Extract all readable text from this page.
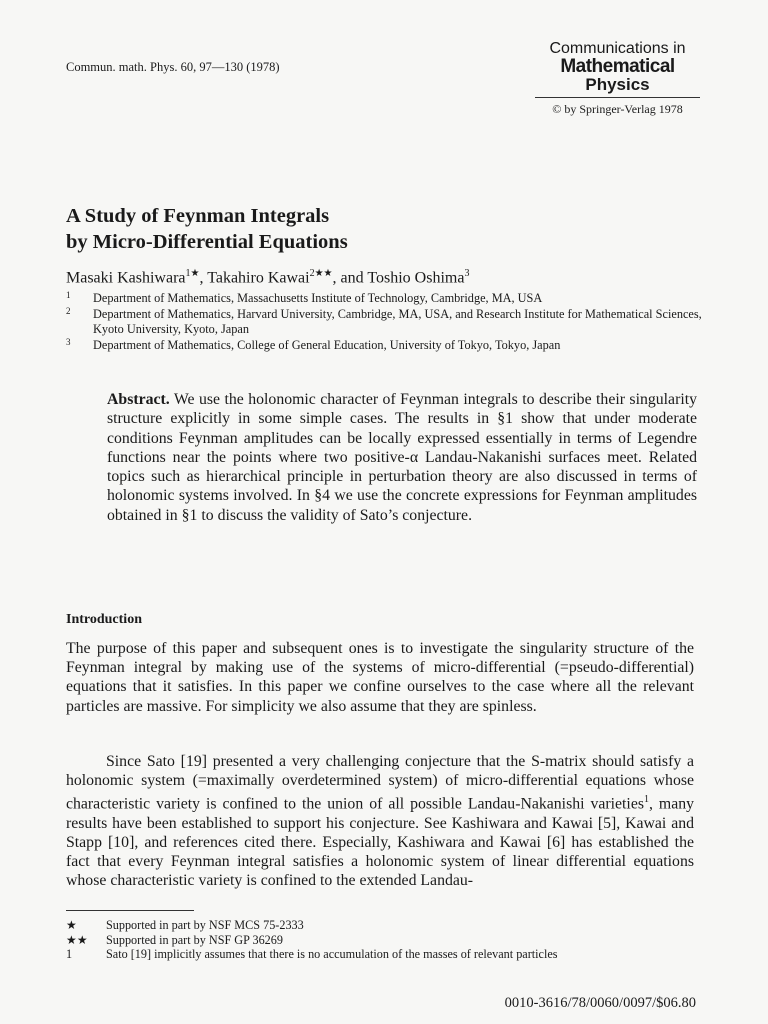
Commun. math. Phys. 60, 97—130 (1978)
Communications in
Mathematical
Physics
© by Springer-Verlag 1978
A Study of Feynman Integrals
by Micro-Differential Equations
Masaki Kashiwara$^{1★}$, Takahiro Kawai$^{2★★}$, and Toshio Oshima$^3$
1 Department of Mathematics, Massachusetts Institute of Technology, Cambridge, MA, USA
2 Department of Mathematics, Harvard University, Cambridge, MA, USA, and Research Institute for Mathematical Sciences, Kyoto University, Kyoto, Japan
3 Department of Mathematics, College of General Education, University of Tokyo, Tokyo, Japan
Abstract. We use the holonomic character of Feynman integrals to describe their singularity structure explicitly in some simple cases. The results in §1 show that under moderate conditions Feynman amplitudes can be locally expressed essentially in terms of Legendre functions near the points where two positive-α Landau-Nakanishi surfaces meet. Related topics such as hierarchical principle in perturbation theory are also discussed in terms of holonomic systems involved. In §4 we use the concrete expressions for Feynman amplitudes obtained in §1 to discuss the validity of Sato’s conjecture.
Introduction
The purpose of this paper and subsequent ones is to investigate the singularity structure of the Feynman integral by making use of the systems of micro-differential (=pseudo-differential) equations that it satisfies. In this paper we confine ourselves to the case where all the relevant particles are massive. For simplicity we also assume that they are spinless.
Since Sato [19] presented a very challenging conjecture that the S-matrix should satisfy a holonomic system (=maximally overdetermined system) of micro-differential equations whose characteristic variety is confined to the union of all possible Landau-Nakanishi varieties$^1$, many results have been established to support his conjecture. See Kashiwara and Kawai [5], Kawai and Stapp [10], and references cited there. Especially, Kashiwara and Kawai [6] has established the fact that every Feynman integral satisfies a holonomic system of linear differential equations whose characteristic variety is confined to the extended Landau-
★ Supported in part by NSF MCS 75-2333
★★ Supported in part by NSF GP 36269
1	Sato [19] implicitly assumes that there is no accumulation of the masses of relevant particles
0010-3616/78/0060/0097/$06.80
